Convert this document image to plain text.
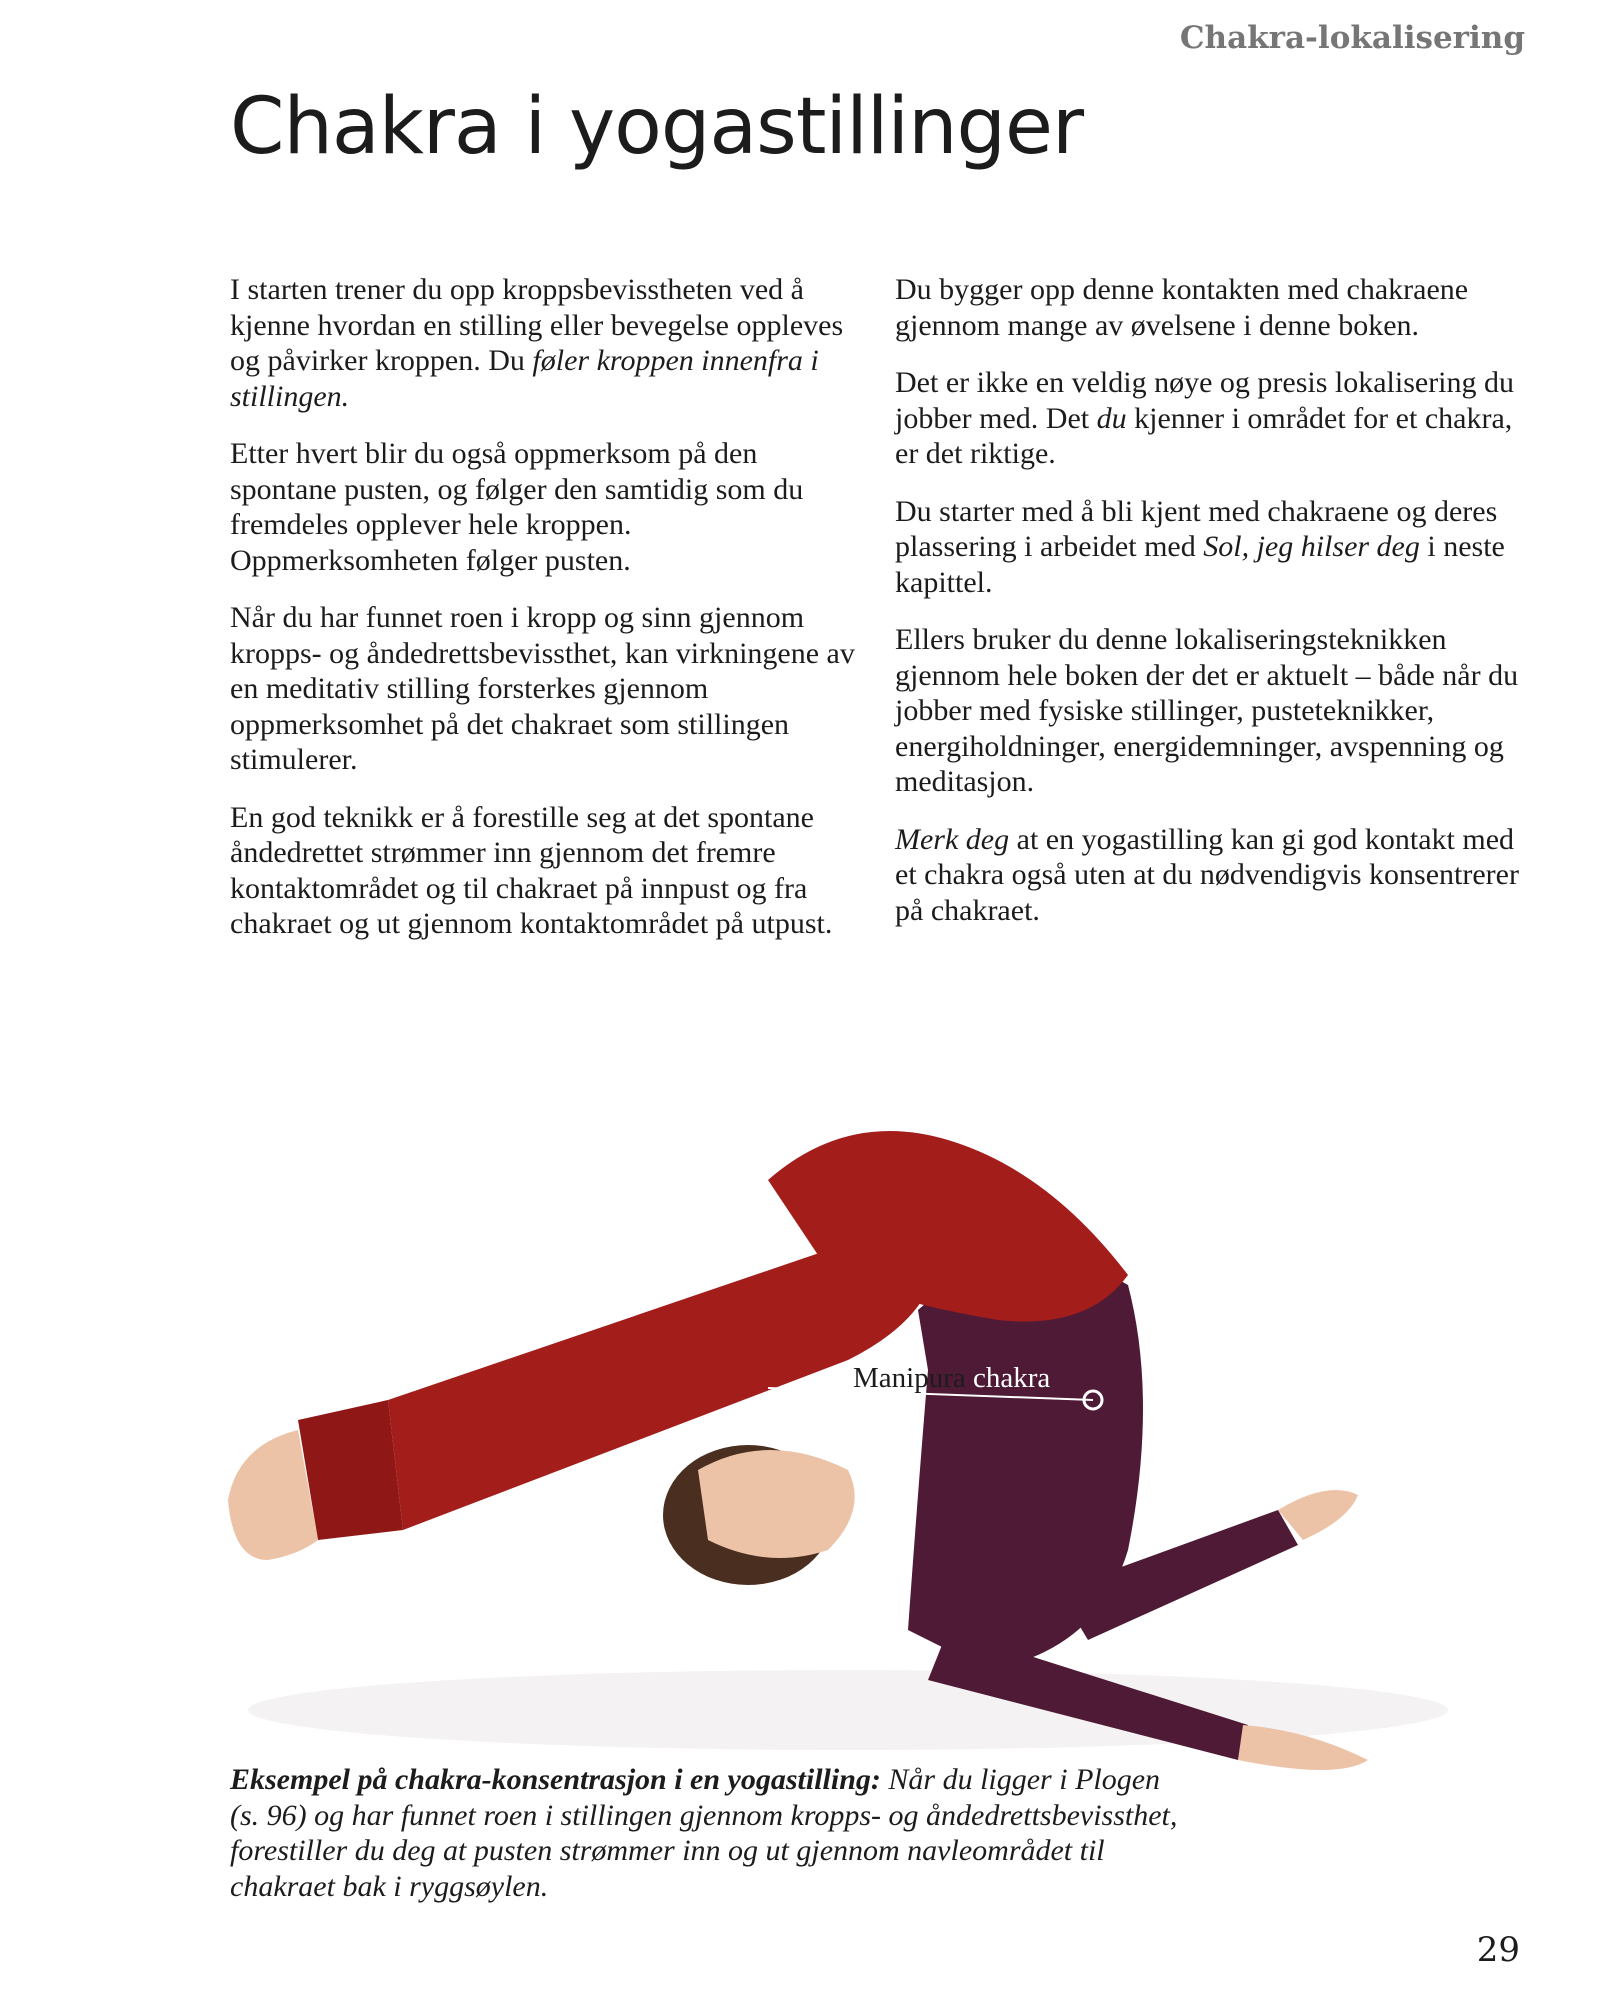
Chakra-lokalisering
Chakra i yogastillinger

I starten trener du opp kroppsbevisstheten ved å kjenne hvordan en stilling eller bevegelse oppleves og påvirker kroppen. Du føler kroppen innenfra i stillingen.

Etter hvert blir du også oppmerksom på den spontane pusten, og følger den samtidig som du fremdeles opplever hele kroppen. Oppmerksomheten følger pusten.

Når du har funnet roen i kropp og sinn gjennom kropps- og åndedrettsbevissthet, kan virkningene av en meditativ stilling forsterkes gjennom oppmerksomhet på det chakraet som stillingen stimulerer.

En god teknikk er å forestille seg at det spontane åndedrettet strømmer inn gjennom det fremre kontaktområdet og til chakraet på innpust og fra chakraet og ut gjennom kontaktområdet på utpust.

Du bygger opp denne kontakten med chakraene gjennom mange av øvelsene i denne boken.

Det er ikke en veldig nøye og presis lokalisering du jobber med. Det du kjenner i området for et chakra, er det riktige.

Du starter med å bli kjent med chakraene og deres plassering i arbeidet med Sol, jeg hilser deg i neste kapittel.

Ellers bruker du denne lokaliseringsteknikken gjennom hele boken der det er aktuelt – både når du jobber med fysiske stillinger, pusteteknikker, energiholdninger, energidemninger, avspenning og meditasjon.

Merk deg at en yogastilling kan gi god kontakt med et chakra også uten at du nødvendigvis konsentrerer på chakraet.

Manipura chakra

Eksempel på chakra-konsentrasjon i en yogastilling: Når du ligger i Plogen (s. 96) og har funnet roen i stillingen gjennom kropps- og åndedrettsbevissthet, forestiller du deg at pusten strømmer inn og ut gjennom navleområdet til chakraet bak i ryggsøylen.

29
